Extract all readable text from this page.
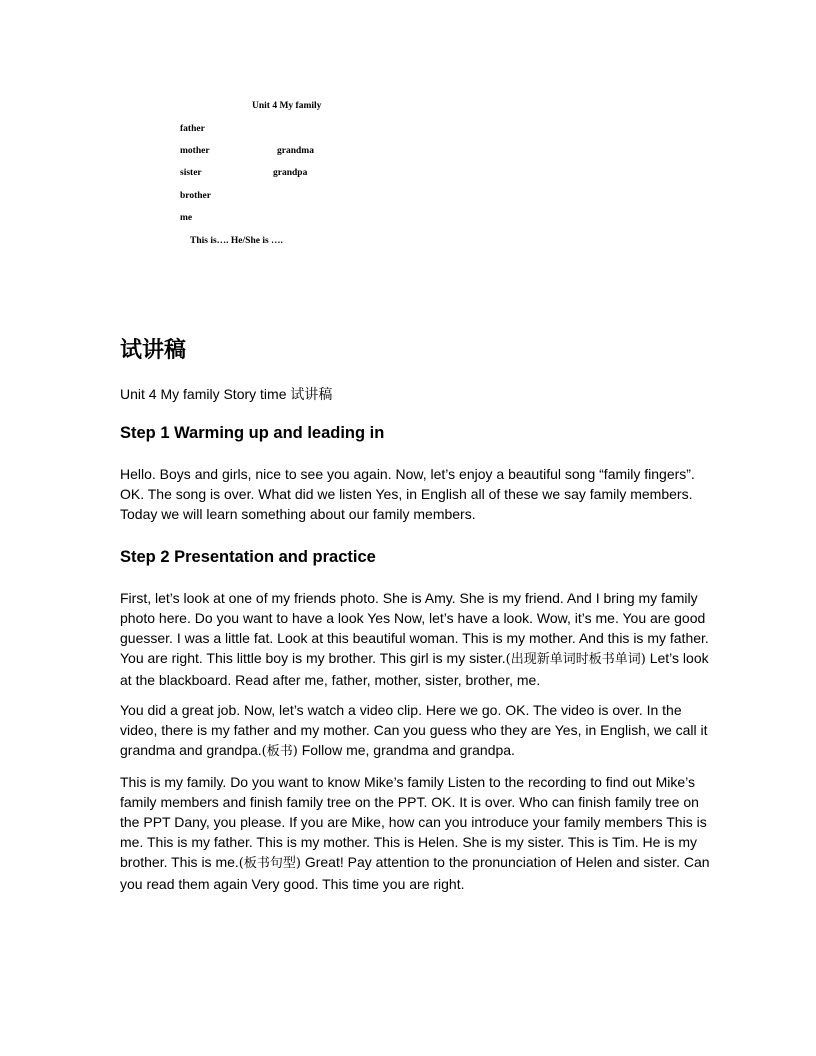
Unit 4 My family
father
mother	grandma
sister	grandpa
brother
me
This is…. He/She is ….
试讲稿
Unit 4 My family Story time 试讲稿
Step 1 Warming up and leading in

Hello. Boys and girls, nice to see you again. Now, let’s enjoy a beautiful song “family fingers”. OK. The song is over. What did we listen Yes, in English all of these we say family members. Today we will learn something about our family members.

Step 2 Presentation and practice

First, let’s look at one of my friends photo. She is Amy. She is my friend. And I bring my family photo here. Do you want to have a look Yes Now, let’s have a look. Wow, it’s me. You are good guesser. I was a little fat. Look at this beautiful woman. This is my mother. And this is my father. You are right. This little boy is my brother. This girl is my sister.(出现新单词时板书单词) Let’s look at the blackboard. Read after me, father, mother, sister, brother, me.

You did a great job. Now, let’s watch a video clip. Here we go. OK. The video is over. In the video, there is my father and my mother. Can you guess who they are Yes, in English, we call it grandma and grandpa.(板书) Follow me, grandma and grandpa.

This is my family. Do you want to know Mike’s family Listen to the recording to find out Mike’s family members and finish family tree on the PPT. OK. It is over. Who can finish family tree on the PPT Dany, you please. If you are Mike, how can you introduce your family members This is me. This is my father. This is my mother. This is Helen. She is my sister. This is Tim. He is my brother. This is me.(板书句型) Great! Pay attention to the pronunciation of Helen and sister. Can you read them again Very good. This time you are right.
